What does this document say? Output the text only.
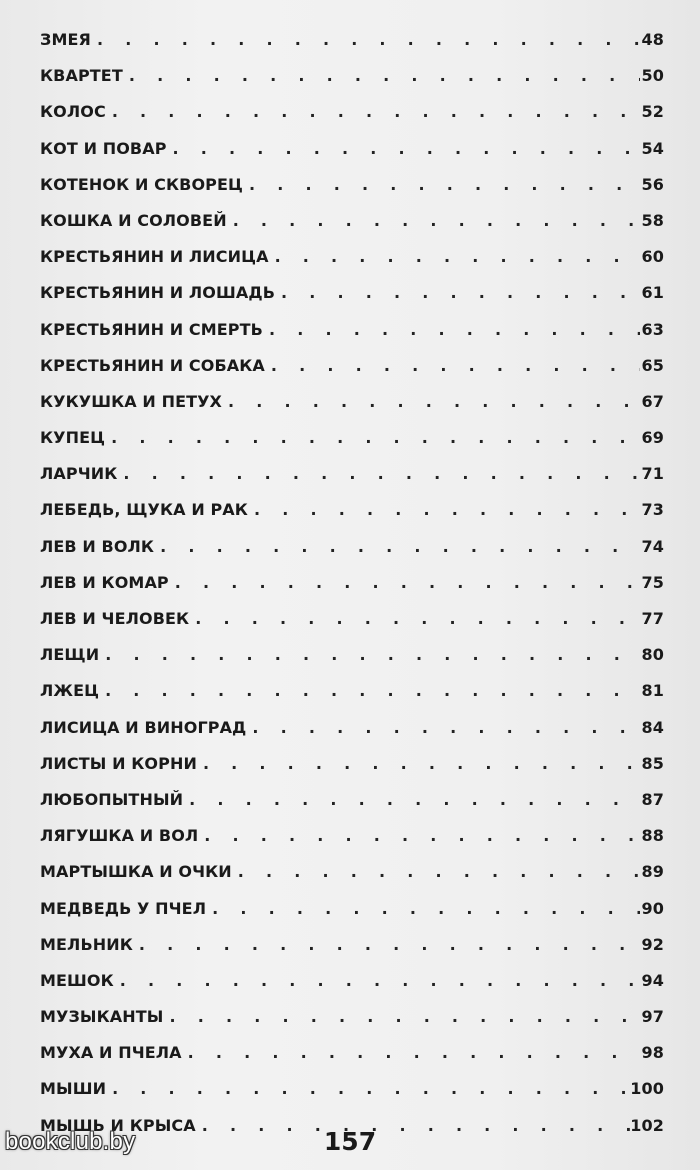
ЗМЕЯ . . .	48
КВАРТЕТ . . .	50
КОЛОС . . .	52
КОТ И ПОВАР . . .	54
КОТЕНОК И СКВОРЕЦ . . .	56
КОШКА И СОЛОВЕЙ . . .	58
КРЕСТЬЯНИН И ЛИСИЦА . . .	60
КРЕСТЬЯНИН И ЛОШАДЬ . . .	61
КРЕСТЬЯНИН И СМЕРТЬ . . .	63
КРЕСТЬЯНИН И СОБАКА . . .	65
КУКУШКА И ПЕТУХ . . .	67
КУПЕЦ . . .	69
ЛАРЧИК . . .	71
ЛЕБЕДЬ, ЩУКА И РАК . . .	73
ЛЕВ И ВОЛК . . .	74
ЛЕВ И КОМАР . . .	75
ЛЕВ И ЧЕЛОВЕК . . .	77
ЛЕЩИ . . .	80
ЛЖЕЦ . . .	81
ЛИСИЦА И ВИНОГРАД . . .	84
ЛИСТЫ И КОРНИ . . .	85
ЛЮБОПЫТНЫЙ . . .	87
ЛЯГУШКА И ВОЛ . . .	88
МАРТЫШКА И ОЧКИ . . .	89
МЕДВЕДЬ У ПЧЕЛ . . .	90
МЕЛЬНИК . . .	92
МЕШОК . . .	94
МУЗЫКАНТЫ . . .	97
МУХА И ПЧЕЛА . . .	98
МЫШИ . . .	100
МЫШЬ И КРЫСА . . .	102
157
bookclub.by
